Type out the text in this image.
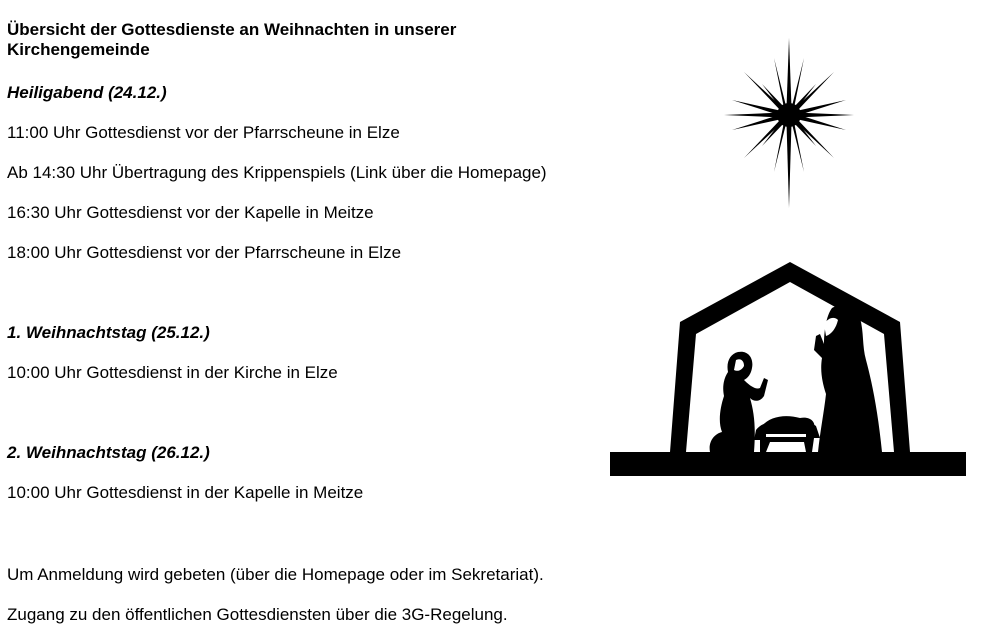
Übersicht der Gottesdienste an Weihnachten in unserer Kirchengemeinde

Heiligabend (24.12.)

11:00 Uhr Gottesdienst vor der Pfarrscheune in Elze

Ab 14:30 Uhr Übertragung des Krippenspiels (Link über die Homepage)

16:30 Uhr Gottesdienst vor der Kapelle in Meitze

18:00 Uhr Gottesdienst vor der Pfarrscheune in Elze

1. Weihnachtstag (25.12.)

10:00 Uhr Gottesdienst in der Kirche in Elze

2. Weihnachtstag (26.12.)

10:00 Uhr Gottesdienst in der Kapelle in Meitze

Um Anmeldung wird gebeten (über die Homepage oder im Sekretariat).

Zugang zu den öffentlichen Gottesdiensten über die 3G-Regelung.
